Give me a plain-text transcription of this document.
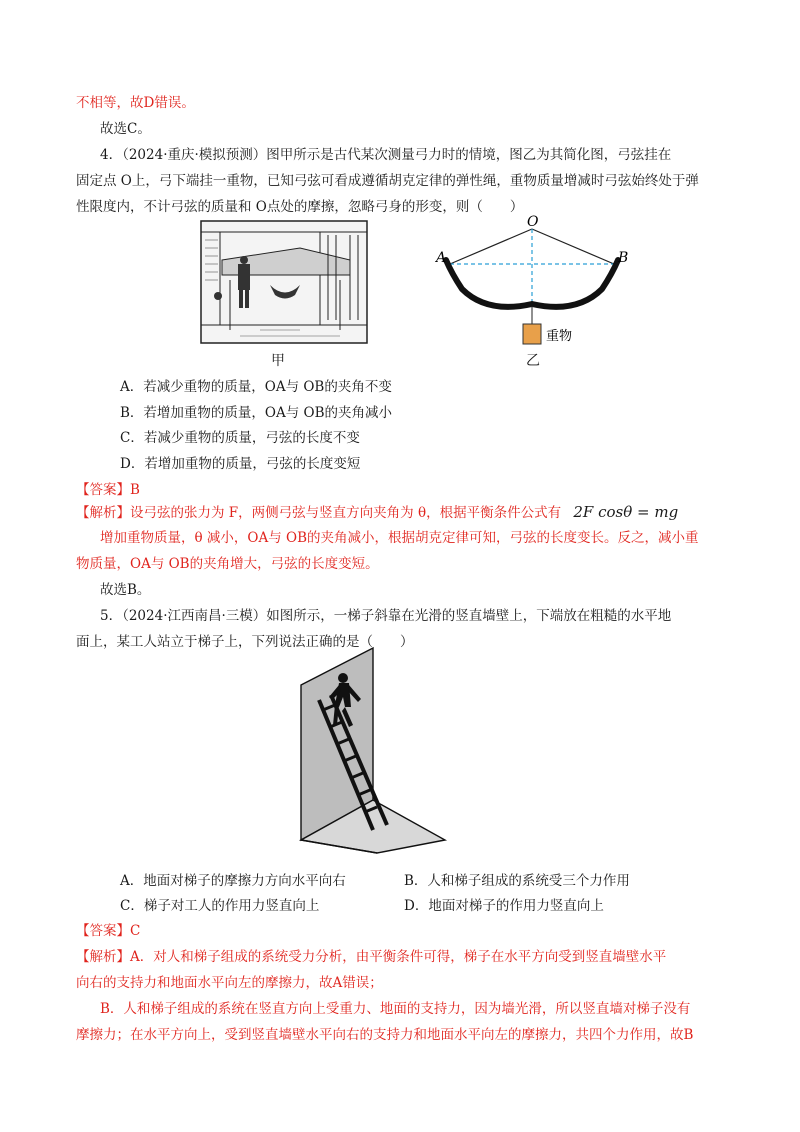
不相等，故D错误。
故选C。
4．（2024·重庆·模拟预测）图甲所示是古代某次测量弓力时的情境，图乙为其简化图，弓弦挂在
固定点 O上，弓下端挂一重物，已知弓弦可看成遵循胡克定律的弹性绳，重物质量增减时弓弦始终处于弹
性限度内，不计弓弦的质量和 O点处的摩擦，忽略弓身的形变，则（　　）
甲
O
A	B
重物
乙
A．若减少重物的质量，OA与 OB的夹角不变
B．若增加重物的质量，OA与 OB的夹角减小
C．若减少重物的质量，弓弦的长度不变
D．若增加重物的质量，弓弦的长度变短
【答案】B
【解析】设弓弦的张力为 F，两侧弓弦与竖直方向夹角为 θ，根据平衡条件公式有 2F cosθ = mg
增加重物质量，θ 减小，OA与 OB的夹角减小，根据胡克定律可知，弓弦的长度变长。反之，减小重
物质量，OA与 OB的夹角增大，弓弦的长度变短。
故选B。
5．（2024·江西南昌·三模）如图所示，一梯子斜靠在光滑的竖直墙壁上，下端放在粗糙的水平地
面上，某工人站立于梯子上，下列说法正确的是（　　）
A．地面对梯子的摩擦力方向水平向右	B．人和梯子组成的系统受三个力作用
C．梯子对工人的作用力竖直向上	D．地面对梯子的作用力竖直向上
【答案】C
【解析】A．对人和梯子组成的系统受力分析，由平衡条件可得，梯子在水平方向受到竖直墙壁水平
向右的支持力和地面水平向左的摩擦力，故A错误；
B．人和梯子组成的系统在竖直方向上受重力、地面的支持力，因为墙光滑，所以竖直墙对梯子没有
摩擦力；在水平方向上，受到竖直墙壁水平向右的支持力和地面水平向左的摩擦力，共四个力作用，故B
